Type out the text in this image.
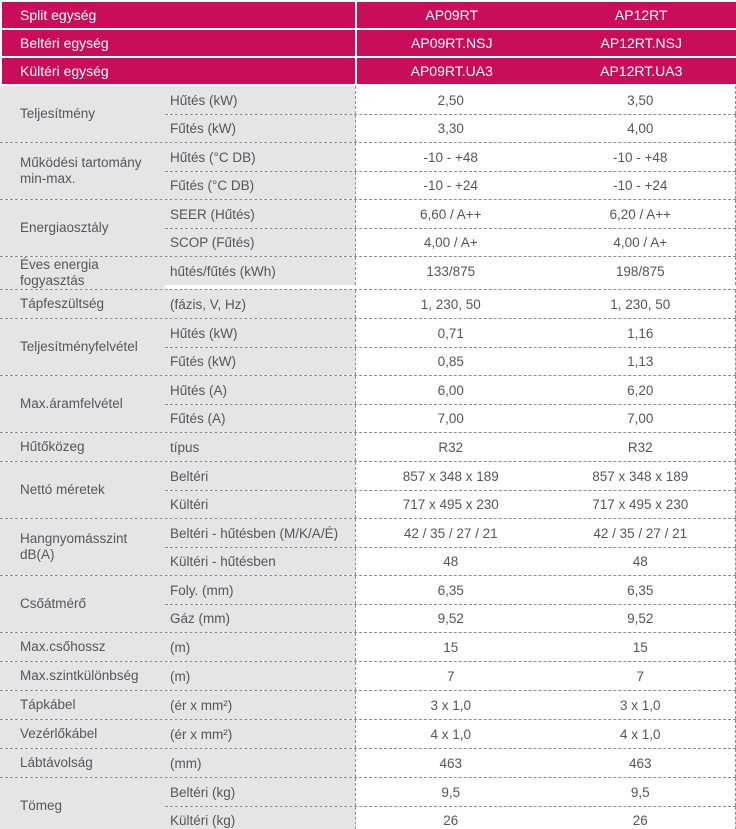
Split egység	AP09RT	AP12RT
Beltéri egység	AP09RT.NSJ	AP12RT.NSJ
Kültéri egység	AP09RT.UA3	AP12RT.UA3
Teljesítmény
Hűtés (kW)	2,50	3,50
Fűtés (kW)	3,30	4,00
Működési tartomány min-max.
Hűtés (°C DB)	-10 - +48	-10 - +48
Fűtés (°C DB)	-10 - +24	-10 - +24
Energiaosztály
SEER (Hűtés)	6,60 / A++	6,20 / A++
SCOP (Fűtés)	4,00 / A+	4,00 / A+
Éves energia fogyasztás
hűtés/fűtés (kWh)	133/875	198/875
Tápfeszültség	(fázis, V, Hz)	1, 230, 50	1, 230, 50
Teljesítményfelvétel
Hűtés (kW)	0,71	1,16
Fűtés (kW)	0,85	1,13
Max.áramfelvétel
Hűtés (A)	6,00	6,20
Fűtés (A)	7,00	7,00
Hűtőközeg	típus	R32	R32
Nettó méretek
Beltéri	857 x 348 x 189	857 x 348 x 189
Kültéri	717 x 495 x 230	717 x 495 x 230
Hangnyomásszint dB(A)
Beltéri - hűtésben (M/K/A/É)	42 / 35 / 27 / 21	42 / 35 / 27 / 21
Kültéri - hűtésben	48	48
Csőátmérő
Foly. (mm)	6,35	6,35
Gáz (mm)	9,52	9,52
Max.csőhossz	(m)	15	15
Max.szintkülönbség	(m)	7	7
Tápkábel	(ér x mm²)	3 x 1,0	3 x 1,0
Vezérlőkábel	(ér x mm²)	4 x 1,0	4 x 1,0
Lábtávolság	(mm)	463	463
Tömeg
Beltéri (kg)	9,5	9,5
Kültéri (kg)	26	26
